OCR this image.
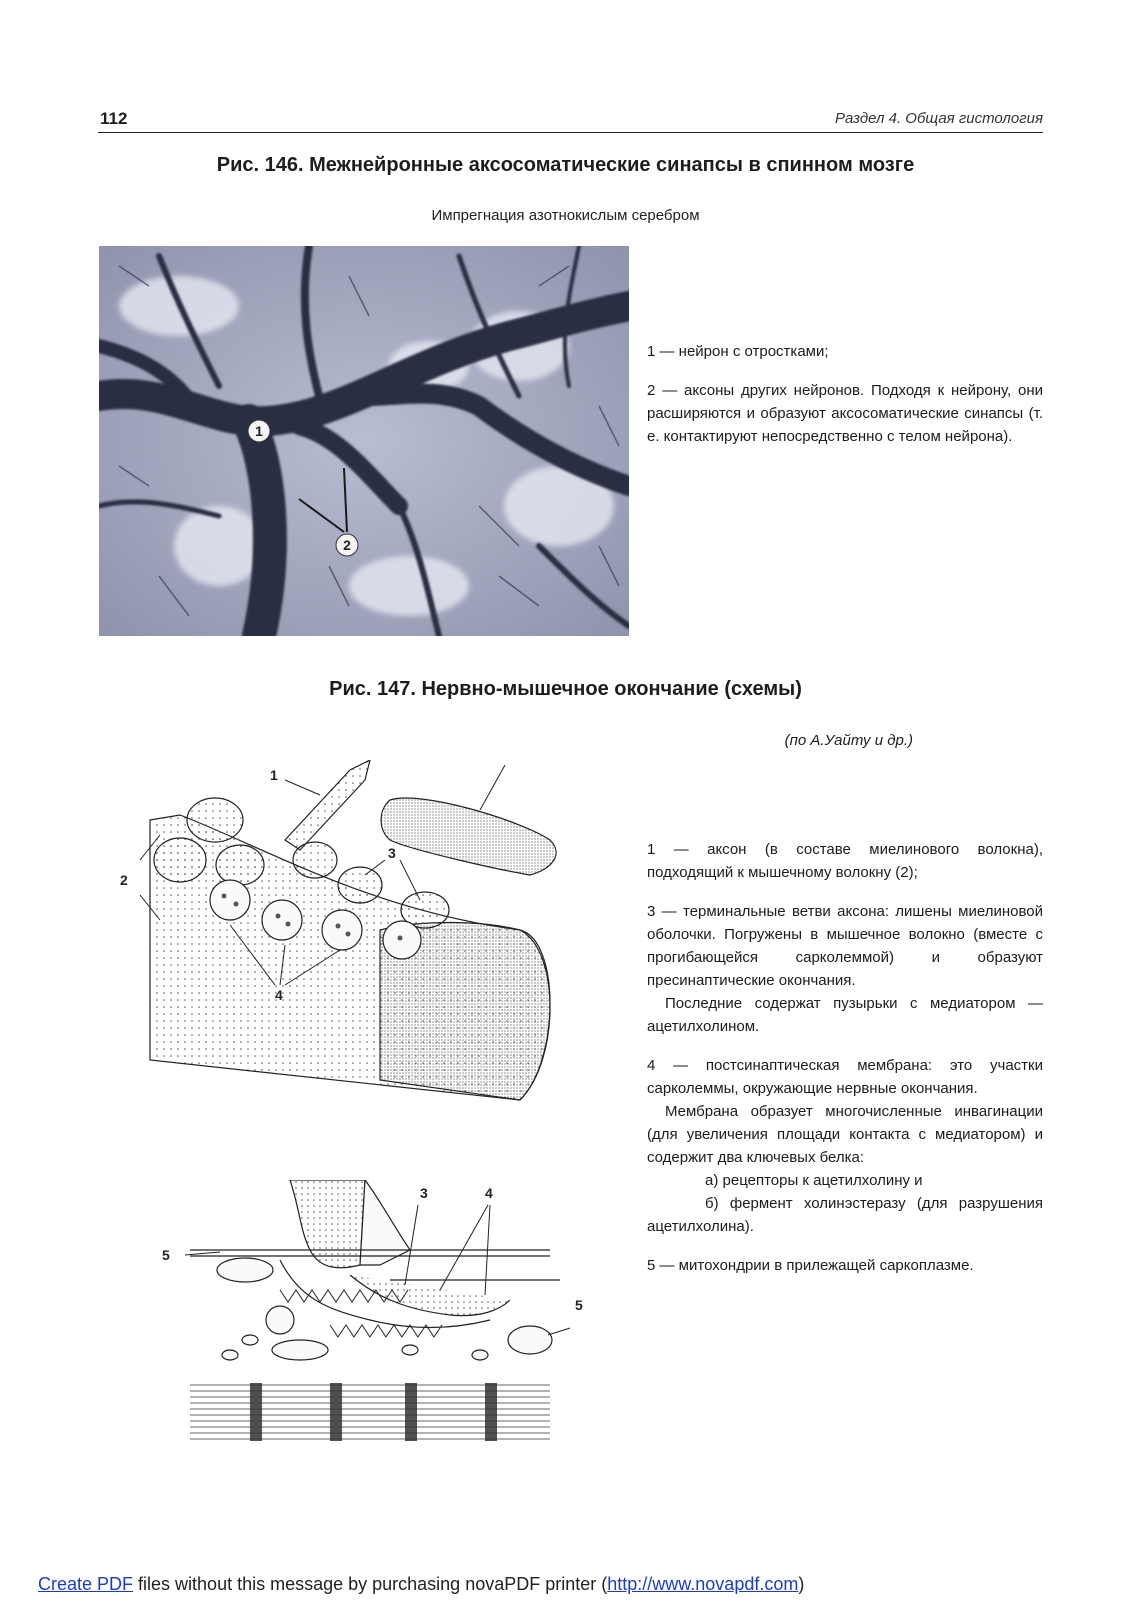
112	Раздел 4. Общая гистология
Рис. 146. Межнейронные аксосоматические синапсы в спинном мозге
Импрегнация азотнокислым серебром
1
2

1 — нейрон с отростками;

2 — аксоны других нейронов. Подходя к нейрону, они расширяются и образуют аксосоматические синапсы (т. е. контактируют непосредственно с телом нейрона).

Рис. 147. Нервно-мышечное окончание (схемы)
(по А.Уайту и др.)
1
2
3
4
5
3	4
5

1 — аксон (в составе миелинового волокна), подходящий к мышечному волокну (2);

3 — терминальные ветви аксона: лишены миелиновой оболочки. Погружены в мышечное волокно (вместе с прогибающейся сарколеммой) и образуют пресинаптические окончания.

Последние содержат пузырьки с медиатором — ацетилхолином.

4 — постсинаптическая мембрана: это участки сарколеммы, окружающие нервные окончания.

Мембрана образует многочисленные инвагинации (для увеличения площади контакта с медиатором) и содержит два ключевых белка:

а) рецепторы к ацетилхолину и

б) фермент холинэстеразу (для разрушения ацетилхолина).

5 — митохондрии в прилежащей саркоплазме.

Create PDF files without this message by purchasing novaPDF printer (http://www.novapdf.com)
